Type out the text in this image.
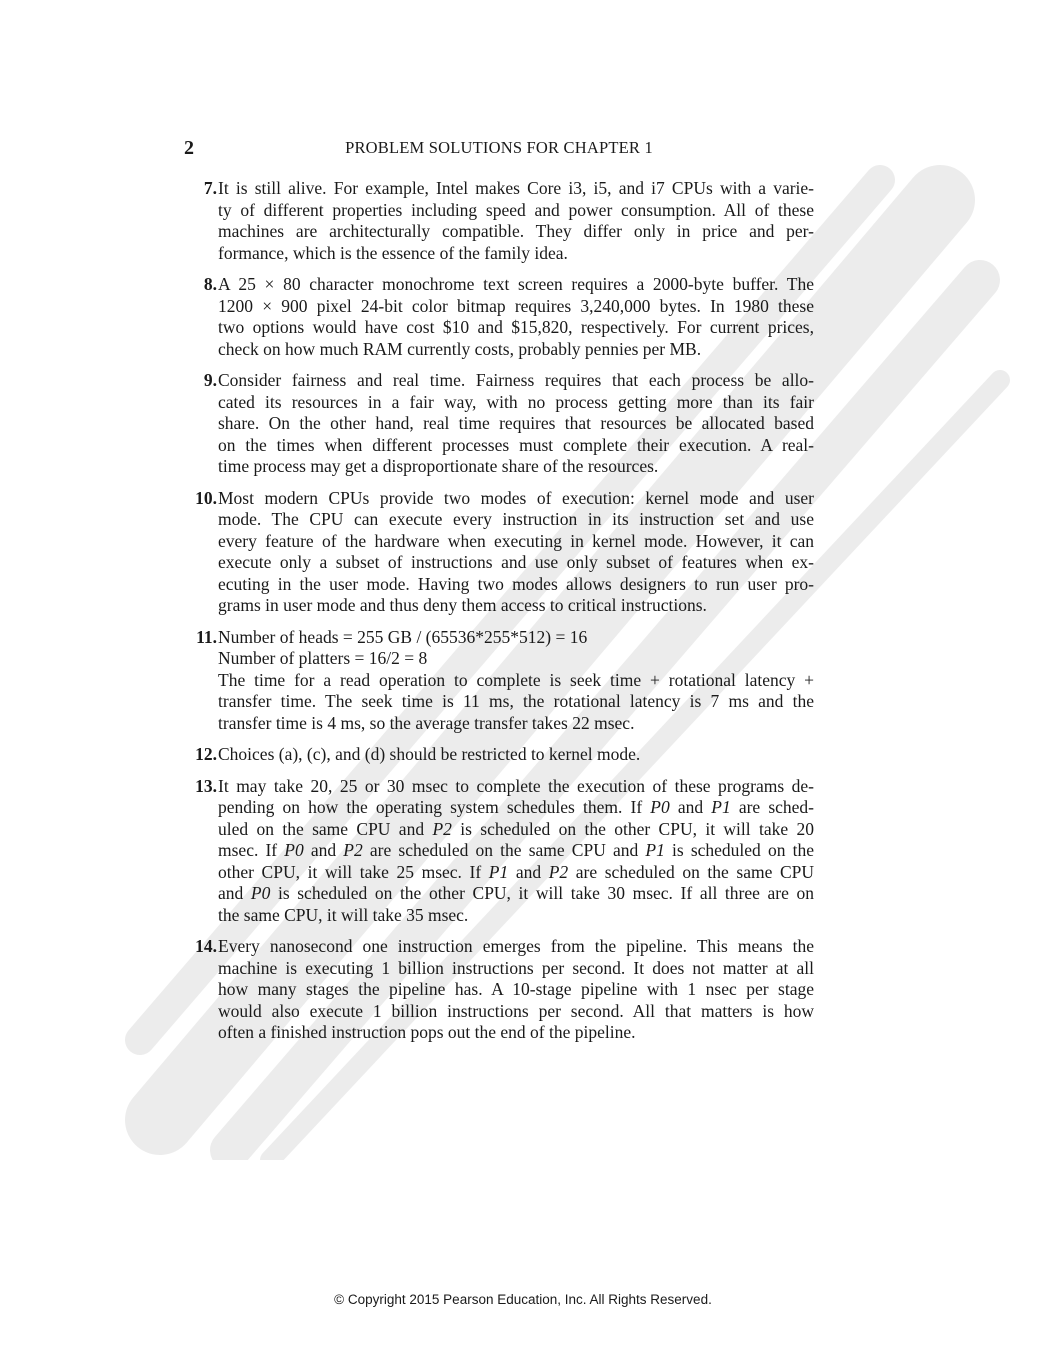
2	PROBLEM SOLUTIONS FOR CHAPTER 1
7. It is still alive. For example, Intel makes Core i3, i5, and i7 CPUs with a varie-
ty of different properties including speed and power consumption. All of these
machines are architecturally compatible. They differ only in price and per-
formance, which is the essence of the family idea.
8. A 25 × 80 character monochrome text screen requires a 2000-byte buffer. The
1200 × 900 pixel 24-bit color bitmap requires 3,240,000 bytes. In 1980 these
two options would have cost $10 and $15,820, respectively. For current prices,
check on how much RAM currently costs, probably pennies per MB.
9. Consider fairness and real time. Fairness requires that each process be allo-
cated its resources in a fair way, with no process getting more than its fair
share. On the other hand, real time requires that resources be allocated based
on the times when different processes must complete their execution. A real-
time process may get a disproportionate share of the resources.
10. Most modern CPUs provide two modes of execution: kernel mode and user
mode. The CPU can execute every instruction in its instruction set and use
every feature of the hardware when executing in kernel mode. However, it can
execute only a subset of instructions and use only subset of features when ex-
ecuting in the user mode. Having two modes allows designers to run user pro-
grams in user mode and thus deny them access to critical instructions.
11. Number of heads = 255 GB / (65536*255*512) = 16
Number of platters = 16/2 = 8
The time for a read operation to complete is seek time + rotational latency +
transfer time. The seek time is 11 ms, the rotational latency is 7 ms and the
transfer time is 4 ms, so the average transfer takes 22 msec.
12. Choices (a), (c), and (d) should be restricted to kernel mode.
13. It may take 20, 25 or 30 msec to complete the execution of these programs de-
pending on how the operating system schedules them. If P0 and P1 are sched-
uled on the same CPU and P2 is scheduled on the other CPU, it will take 20
msec. If P0 and P2 are scheduled on the same CPU and P1 is scheduled on the
other CPU, it will take 25 msec. If P1 and P2 are scheduled on the same CPU
and P0 is scheduled on the other CPU, it will take 30 msec. If all three are on
the same CPU, it will take 35 msec.
14. Every nanosecond one instruction emerges from the pipeline. This means the
machine is executing 1 billion instructions per second. It does not matter at all
how many stages the pipeline has. A 10-stage pipeline with 1 nsec per stage
would also execute 1 billion instructions per second. All that matters is how
often a finished instruction pops out the end of the pipeline.
© Copyright 2015 Pearson Education, Inc. All Rights Reserved.
